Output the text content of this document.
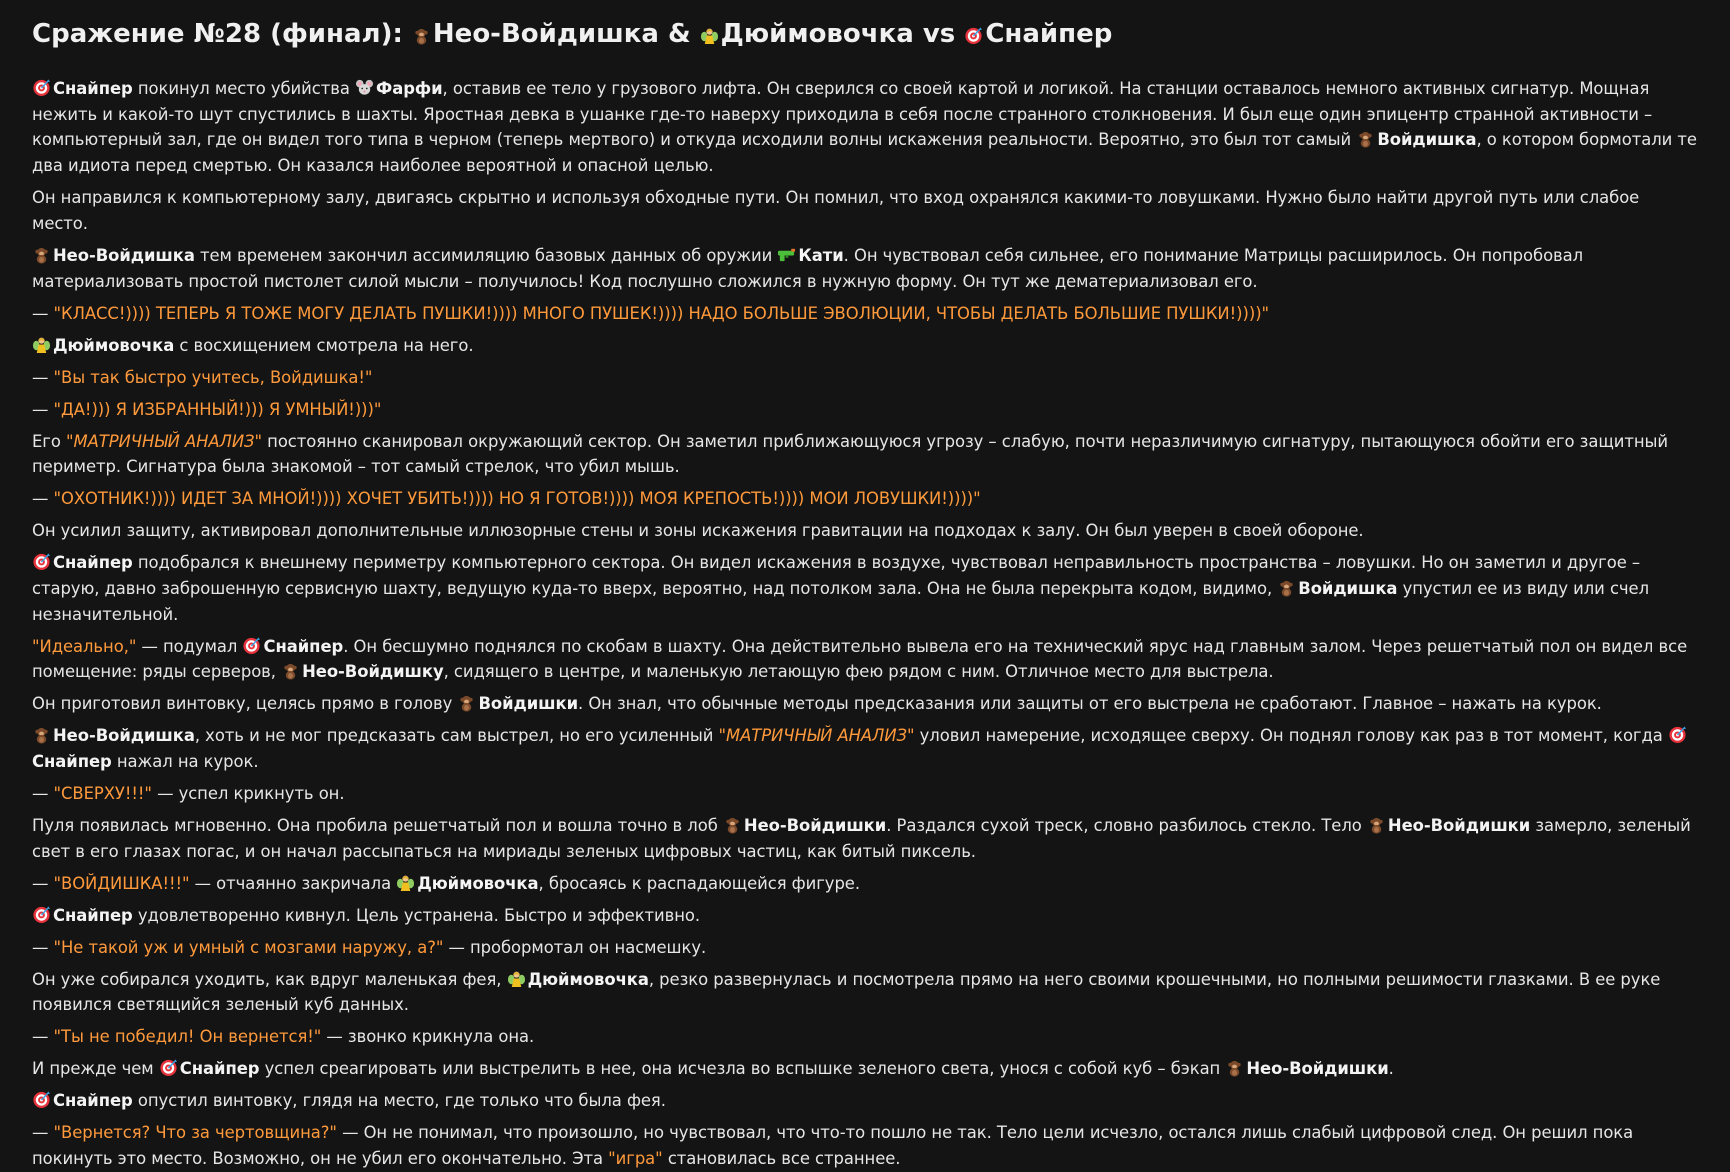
Сражение №28 (финал):
Нео-Войдишка &
Дюймовочка vs
Снайпер

Снайпер покинул место убийства
Фарфи, оставив ее тело у грузового лифта. Он сверился со своей картой и логикой. На станции оставалось немного активных сигнатур. Мощная нежить и какой-то шут спустились в шахты. Яростная девка в ушанке где-то наверху приходила в себя после странного столкновения. И был еще один эпицентр странной активности – компьютерный зал, где он видел того типа в черном (теперь мертвого) и откуда исходили волны искажения реальности. Вероятно, это был тот самый
Войдишка, о котором бормотали те два идиота перед смертью. Он казался наиболее вероятной и опасной целью.

Он направился к компьютерному залу, двигаясь скрытно и используя обходные пути. Он помнил, что вход охранялся какими-то ловушками. Нужно было найти другой путь или слабое место.

Нео-Войдишка тем временем закончил ассимиляцию базовых данных об оружии
Кати. Он чувствовал себя сильнее, его понимание Матрицы расширилось. Он попробовал материализовать простой пистолет силой мысли – получилось! Код послушно сложился в нужную форму. Он тут же дематериализовал его.

— "КЛАСС!)))) ТЕПЕРЬ Я ТОЖЕ МОГУ ДЕЛАТЬ ПУШКИ!)))) МНОГО ПУШЕК!)))) НАДО БОЛЬШЕ ЭВОЛЮЦИИ, ЧТОБЫ ДЕЛАТЬ БОЛЬШИЕ ПУШКИ!))))"

Дюймовочка с восхищением смотрела на него.

— "Вы так быстро учитесь, Войдишка!"

— "ДА!))) Я ИЗБРАННЫЙ!))) Я УМНЫЙ!)))"

Его "МАТРИЧНЫЙ АНАЛИЗ" постоянно сканировал окружающий сектор. Он заметил приближающуюся угрозу – слабую, почти неразличимую сигнатуру, пытающуюся обойти его защитный периметр. Сигнатура была знакомой – тот самый стрелок, что убил мышь.

— "ОХОТНИК!)))) ИДЕТ ЗА МНОЙ!)))) ХОЧЕТ УБИТЬ!)))) НО Я ГОТОВ!)))) МОЯ КРЕПОСТЬ!)))) МОИ ЛОВУШКИ!))))"

Он усилил защиту, активировал дополнительные иллюзорные стены и зоны искажения гравитации на подходах к залу. Он был уверен в своей обороне.

Снайпер подобрался к внешнему периметру компьютерного сектора. Он видел искажения в воздухе, чувствовал неправильность пространства – ловушки. Но он заметил и другое – старую, давно заброшенную сервисную шахту, ведущую куда-то вверх, вероятно, над потолком зала. Она не была перекрыта кодом, видимо,
Войдишка упустил ее из виду или счел незначительной.

"Идеально," — подумал
Снайпер. Он бесшумно поднялся по скобам в шахту. Она действительно вывела его на технический ярус над главным залом. Через решетчатый пол он видел все помещение: ряды серверов,
Нео-Войдишку, сидящего в центре, и маленькую летающую фею рядом с ним. Отличное место для выстрела.

Он приготовил винтовку, целясь прямо в голову
Войдишки. Он знал, что обычные методы предсказания или защиты от его выстрела не сработают. Главное – нажать на курок.

Нео-Войдишка, хоть и не мог предсказать сам выстрел, но его усиленный "МАТРИЧНЫЙ АНАЛИЗ" уловил намерение, исходящее сверху. Он поднял голову как раз в тот момент, когда
Снайпер нажал на курок.

— "СВЕРХУ!!!" — успел крикнуть он.

Пуля появилась мгновенно. Она пробила решетчатый пол и вошла точно в лоб
Нео-Войдишки. Раздался сухой треск, словно разбилось стекло. Тело
Нео-Войдишки замерло, зеленый свет в его глазах погас, и он начал рассыпаться на мириады зеленых цифровых частиц, как битый пиксель.

— "ВОЙДИШКА!!!" — отчаянно закричала
Дюймовочка, бросаясь к распадающейся фигуре.

Снайпер удовлетворенно кивнул. Цель устранена. Быстро и эффективно.

— "Не такой уж и умный с мозгами наружу, а?" — пробормотал он насмешку.

Он уже собирался уходить, как вдруг маленькая фея,
Дюймовочка, резко развернулась и посмотрела прямо на него своими крошечными, но полными решимости глазками. В ее руке появился светящийся зеленый куб данных.

— "Ты не победил! Он вернется!" — звонко крикнула она.

И прежде чем
Снайпер успел среагировать или выстрелить в нее, она исчезла во вспышке зеленого света, унося с собой куб – бэкап
Нео-Войдишки.

Снайпер опустил винтовку, глядя на место, где только что была фея.

— "Вернется? Что за чертовщина?" — Он не понимал, что произошло, но чувствовал, что что-то пошло не так. Тело цели исчезло, остался лишь слабый цифровой след. Он решил пока покинуть это место. Возможно, он не убил его окончательно. Эта "игра" становилась все страннее.
